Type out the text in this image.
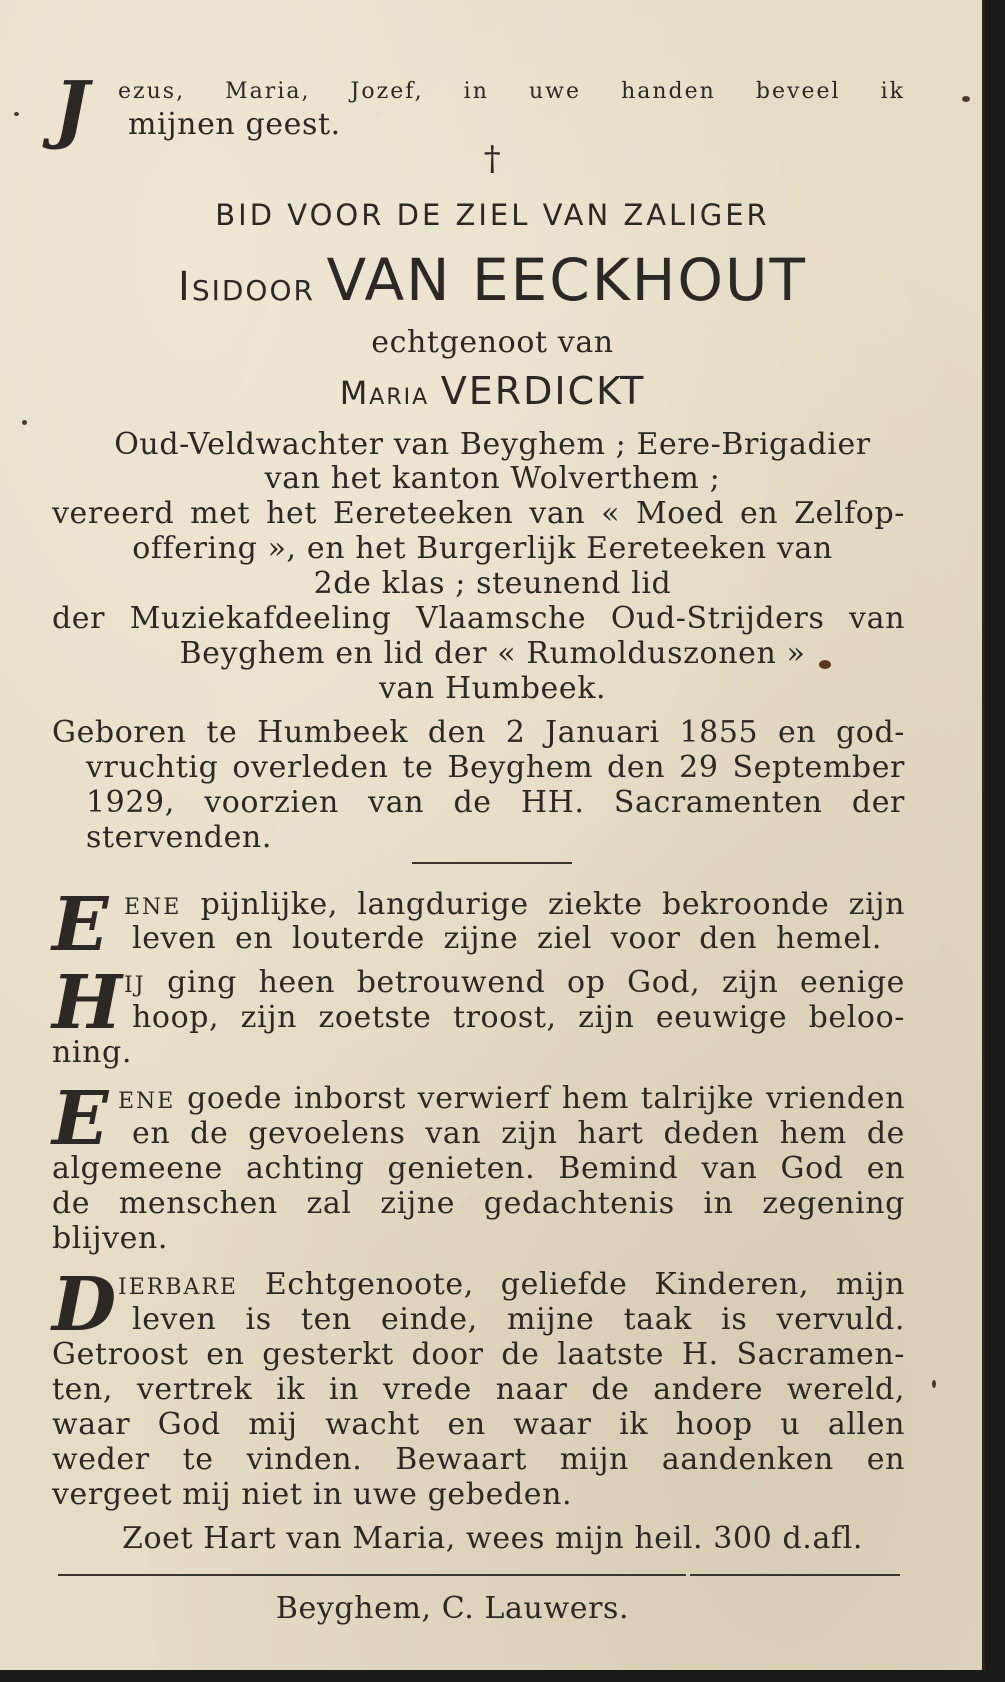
J ezus, Maria, Jozef, in uwe handen beveel ik
mijnen geest.
†
BID VOOR DE ZIEL VAN ZALIGER
Isidoor VAN EECKHOUT
echtgenoot van
Maria VERDICKT
Oud-Veldwachter van Beyghem ; Eere-Brigadier
van het kanton Wolverthem ;
vereerd met het Eereteeken van « Moed en Zelfop-
offering », en het Burgerlijk Eereteeken van
2de klas ; steunend lid
der Muziekafdeeling Vlaamsche Oud-Strijders van
Beyghem en lid der « Rumolduszonen »
van Humbeek.
Geboren te Humbeek den 2 Januari 1855 en god-
vruchtig overleden te Beyghem den 29 September
1929, voorzien van de HH. Sacramenten der
stervenden.
E ENE pijnlijke, langdurige ziekte bekroonde zijn
leven en louterde zijne ziel voor den hemel.
H IJ ging heen betrouwend op God, zijn eenige
hoop, zijn zoetste troost, zijn eeuwige beloo-
ning.
E ENE goede inborst verwierf hem talrijke vrienden
en de gevoelens van zijn hart deden hem de
algemeene achting genieten. Bemind van God en
de menschen zal zijne gedachtenis in zegening
blijven.
D IERBARE Echtgenoote, geliefde Kinderen, mijn
leven is ten einde, mijne taak is vervuld.
Getroost en gesterkt door de laatste H. Sacramen-
ten, vertrek ik in vrede naar de andere wereld,
waar God mij wacht en waar ik hoop u allen
weder te vinden. Bewaart mijn aandenken en
vergeet mij niet in uwe gebeden.
Zoet Hart van Maria, wees mijn heil. 300 d.afl.
Beyghem, C. Lauwers.
